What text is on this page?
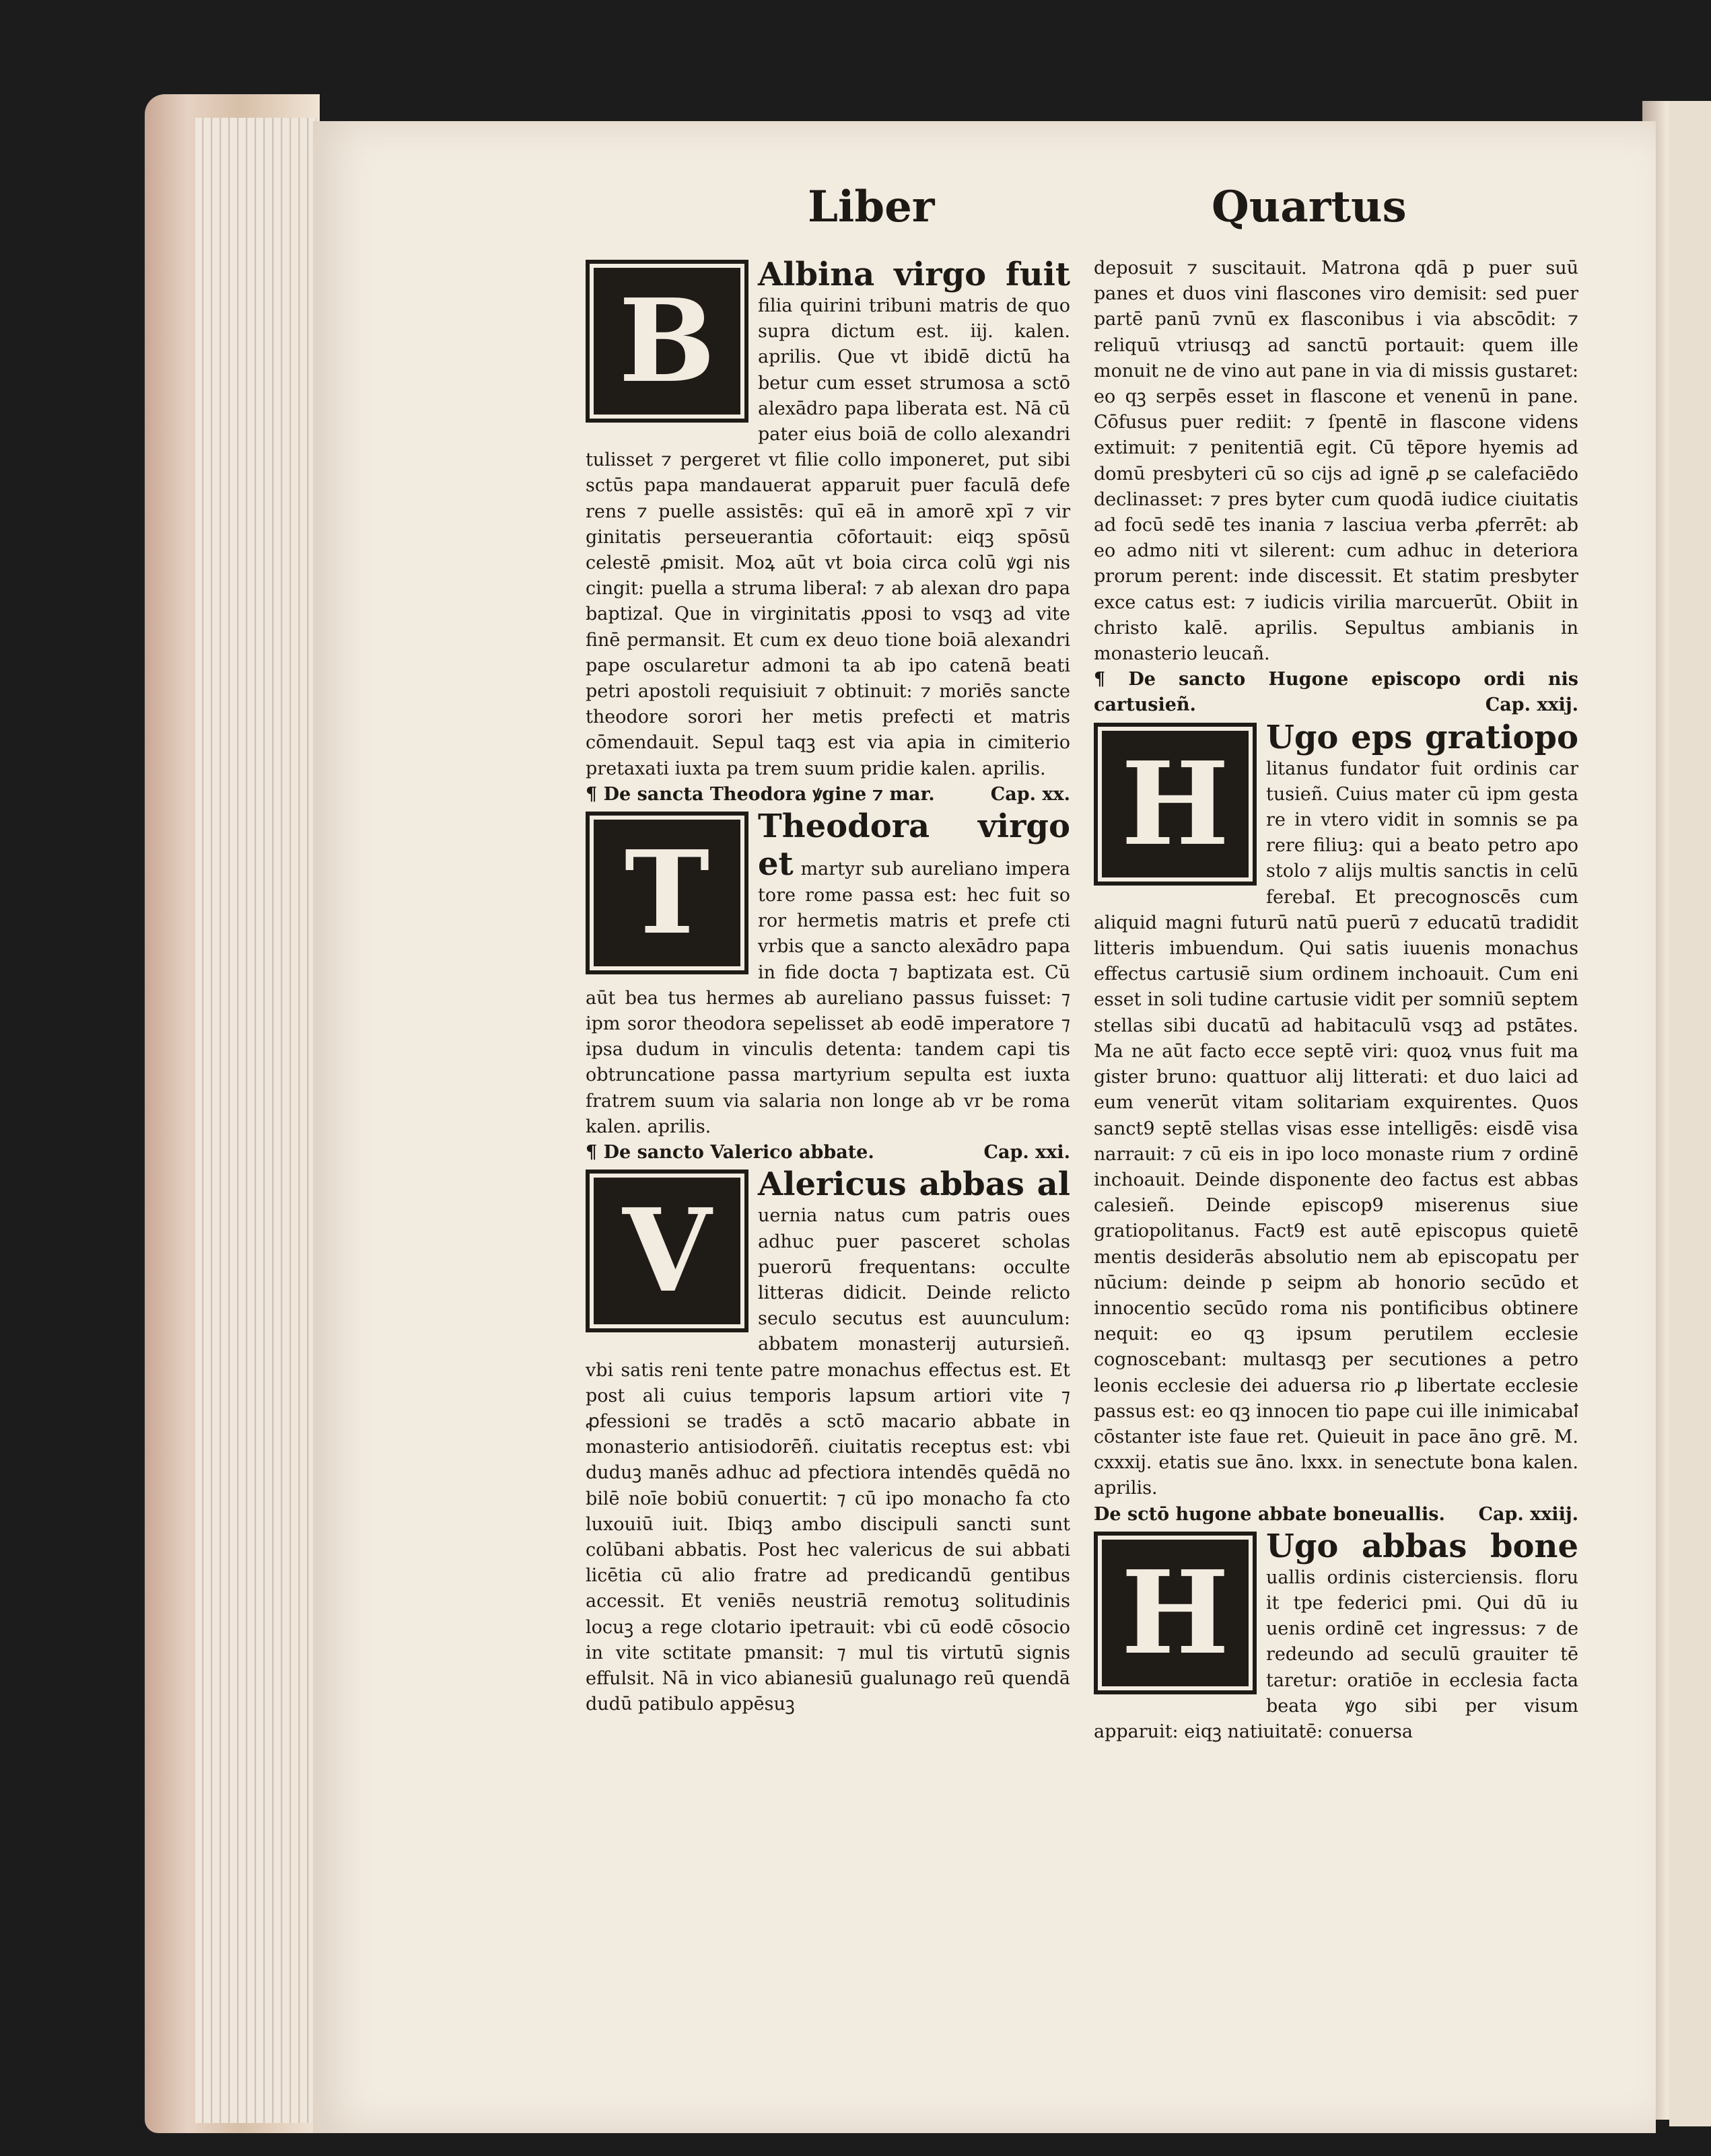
Liber	Quartus

B	Albina virgo fuit filia quirini tribuni matris de quo supra dictum est. iij. kalen. aprilis. Que vt ibidē dictū ha betur cum esset strumosa a sctō alexādro papa liberata est. Nā cū pater eius boiā de collo alexandri tulisset ⁊ pergeret vt filie collo imponeret, put sibi sctūs papa mandauerat apparuit puer faculā defe rens ⁊ puelle assistēs: quī eā in amorē xpī ⁊ vir ginitatis perseuerantia cōfortauit: eiqꝫ spōsū celestē ꝓmisit. Moꝝ aūt vt boia circa colū ꝟgi nis cingit: puella a struma liberaꝉ: ⁊ ab alexan dro papa baptizaꝉ. Que in virginitatis ꝓposi to vsqꝫ ad vite finē permansit. Et cum ex deuo tione boiā alexandri pape oscularetur admoni ta ab ipo catenā beati petri apostoli requisiuit ⁊ obtinuit: ⁊ moriēs sancte theodore sorori her metis prefecti et matris cōmendauit. Sepul taqꝫ est via apia in cimiterio pretaxati iuxta pa trem suum pridie kalen. aprilis.

¶ De sancta Theodora ꝟgine ⁊ mar.	Cap. xx.

T	Theodora virgo et martyr sub aureliano impera tore rome passa est: hec fuit so ror hermetis matris et prefe cti vrbis que a sancto alexādro papa in fide docta ⁊ baptizata est. Cū aūt bea tus hermes ab aureliano passus fuisset: ⁊ ipm soror theodora sepelisset ab eodē imperatore ⁊ ipsa dudum in vinculis detenta: tandem capi tis obtruncatione passa martyrium sepulta est iuxta fratrem suum via salaria non longe ab vr be roma kalen. aprilis.

¶ De sancto Valerico abbate.	Cap. xxi.

V	Alericus abbas al uernia natus cum patris oues adhuc puer pasceret scholas puerorū frequentans: occulte litteras didicit. Deinde relicto seculo secutus est auunculum: abbatem monasterij autursieñ. vbi satis reni tente patre monachus effectus est. Et post ali cuius temporis lapsum artiori vite ⁊ ꝓfessioni se tradēs a sctō macario abbate in monasterio antisiodorēñ. ciuitatis receptus est: vbi duduꝫ manēs adhuc ad pfectiora intendēs quēdā no bilē noīe bobiū conuertit: ⁊ cū ipo monacho fa cto luxouiū iuit. Ibiqꝫ ambo discipuli sancti sunt colūbani abbatis. Post hec valericus de sui abbati licētia cū alio fratre ad predicandū gentibus accessit. Et veniēs neustriā remotuꝫ solitudinis locuꝫ a rege clotario ipetrauit: vbi cū eodē cōsocio in vite sctitate pmansit: ⁊ mul tis virtutū signis effulsit. Nā in vico abianesiū gualunago reū quendā dudū patibulo appēsuꝫ

deposuit ⁊ suscitauit. Matrona qdā p puer suū panes et duos vini flascones viro demisit: sed puer partē panū ⁊vnū ex flasconibus i via abscōdit: ⁊ reliquū vtriusqꝫ ad sanctū portauit: quem ille monuit ne de vino aut pane in via di missis gustaret: eo qꝫ serpēs esset in flascone et venenū in pane. Cōfusus puer rediit: ⁊ ſpentē in flascone videns extimuit: ⁊ penitentiā egit. Cū tēpore hyemis ad domū presbyteri cū so cijs ad ignē ꝓ se calefaciēdo declinasset: ⁊ pres byter cum quodā iudice ciuitatis ad focū sedē tes inania ⁊ lasciua verba ꝓferrēt: ab eo admo niti vt silerent: cum adhuc in deteriora prorum perent: inde discessit. Et statim presbyter exce catus est: ⁊ iudicis virilia marcuerūt. Obiit in christo kalē. aprilis. Sepultus ambianis in monasterio leucañ.

¶ De sancto Hugone episcopo ordi nis cartusieñ.	Cap. xxij.

H	Ugo eps gratiopo litanus fundator fuit ordinis car tusieñ. Cuius mater cū ipm gesta re in vtero vidit in somnis se pa rere filiuꝫ: qui a beato petro apo stolo ⁊ alijs multis sanctis in celū ferebaꝉ. Et precognoscēs cum aliquid magni futurū natū puerū ⁊ educatū tradidit litteris imbuendum. Qui satis iuuenis monachus effectus cartusiē sium ordinem inchoauit. Cum eni esset in soli tudine cartusie vidit per somniū septem stellas sibi ducatū ad habitaculū vsqꝫ ad pstātes. Ma ne aūt facto ecce septē viri: quoꝝ vnus fuit ma gister bruno: quattuor alij litterati: et duo laici ad eum venerūt vitam solitariam exquirentes. Quos sanct9 septē stellas visas esse intelligēs: eisdē visa narrauit: ⁊ cū eis in ipo loco monaste rium ⁊ ordinē inchoauit. Deinde disponente deo factus est abbas calesieñ. Deinde episcop9 miserenus siue gratiopolitanus. Fact9 est autē episcopus quietē mentis desiderās absolutio nem ab episcopatu per nūcium: deinde p seipm ab honorio secūdo et innocentio secūdo roma nis pontificibus obtinere nequit: eo qꝫ ipsum perutilem ecclesie cognoscebant: multasqꝫ per secutiones a petro leonis ecclesie dei aduersa rio ꝓ libertate ecclesie passus est: eo qꝫ innocen tio pape cui ille inimicabaꝉ cōstanter iste faue ret. Quieuit in pace āno grē. M. cxxxij. etatis sue āno. lxxx. in senectute bona kalen. aprilis.

De sctō hugone abbate boneuallis. Cap. xxiij.

H	Ugo abbas bone uallis ordinis cisterciensis. floru it tpe federici pmi. Qui dū iu uenis ordinē cet ingressus: ⁊ de redeundo ad seculū grauiter tē taretur: oratiōe in ecclesia facta beata ꝟgo sibi per visum apparuit: eiqꝫ natiuitatē: conuersa
